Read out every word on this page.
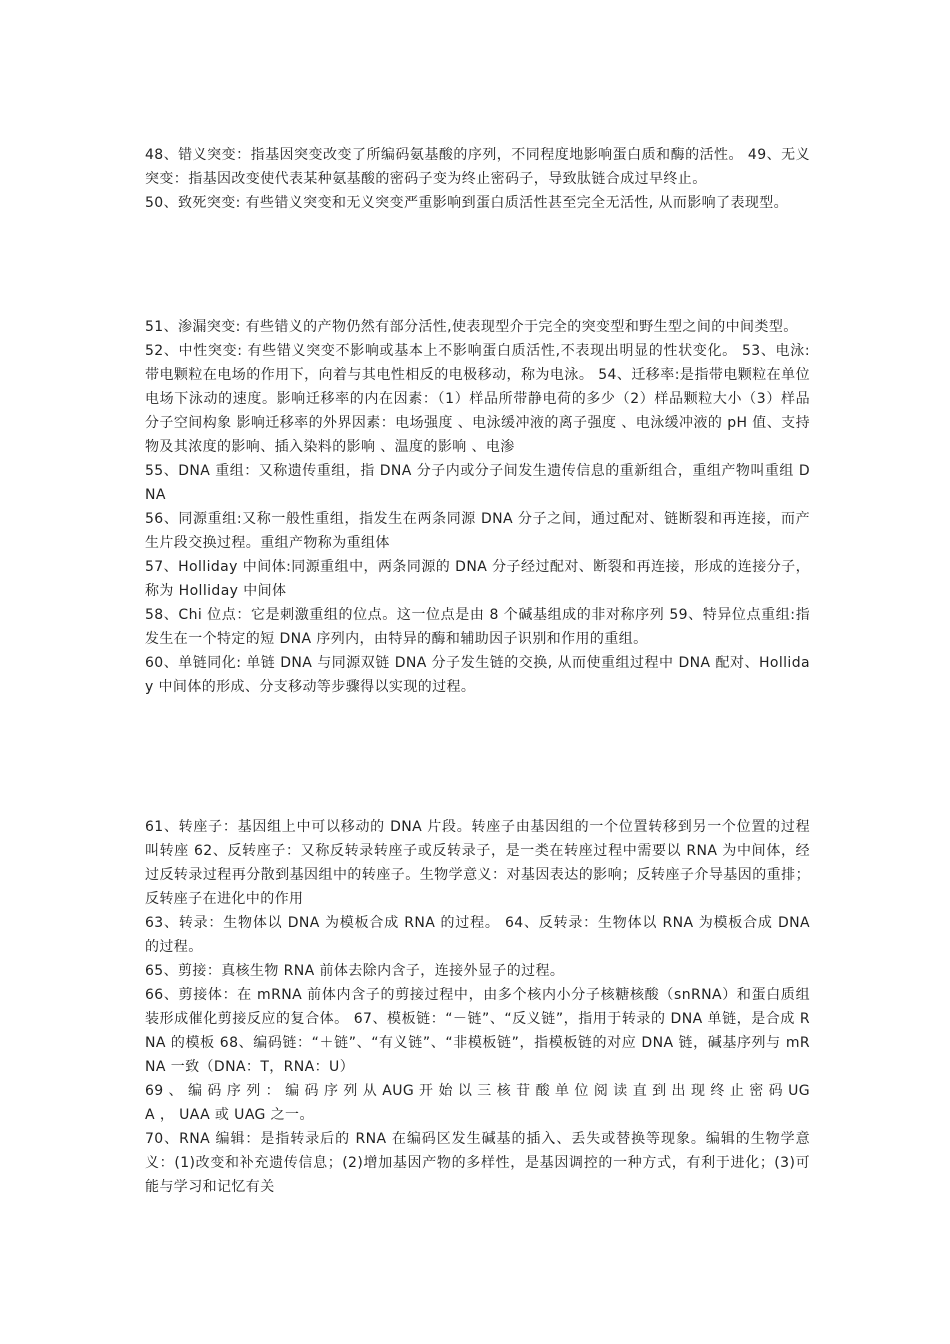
48、错义突变：指基因突变改变了所编码氨基酸的序列，不同程度地影响蛋白质和酶的活性。 49、无义突变：指基因改变使代表某种氨基酸的密码子变为终止密码子，导致肽链合成过早终止。

50、致死突变: 有些错义突变和无义突变严重影响到蛋白质活性甚至完全无活性, 从而影响了表现型。

51、渗漏突变: 有些错义的产物仍然有部分活性,使表现型介于完全的突变型和野生型之间的中间类型。

52、中性突变: 有些错义突变不影响或基本上不影响蛋白质活性,不表现出明显的性状变化。 53、电泳:带电颗粒在电场的作用下，向着与其电性相反的电极移动，称为电泳。 54、迁移率:是指带电颗粒在单位电场下泳动的速度。影响迁移率的内在因素：（1）样品所带静电荷的多少（2）样品颗粒大小（3）样品分子空间构象 影响迁移率的外界因素：电场强度 、电泳缓冲液的离子强度 、电泳缓冲液的 pH 值、支持物及其浓度的影响、插入染料的影响 、温度的影响 、电渗

55、DNA 重组：又称遗传重组，指 DNA 分子内或分子间发生遗传信息的重新组合，重组产物叫重组 DNA

56、同源重组:又称一般性重组，指发生在两条同源 DNA 分子之间，通过配对、链断裂和再连接，而产生片段交换过程。重组产物称为重组体

57、Holliday 中间体:同源重组中，两条同源的 DNA 分子经过配对、断裂和再连接，形成的连接分子，称为 Holliday 中间体

58、Chi 位点：它是刺激重组的位点。这一位点是由 8 个碱基组成的非对称序列 59、特异位点重组:指发生在一个特定的短 DNA 序列内，由特异的酶和辅助因子识别和作用的重组。

60、单链同化: 单链 DNA 与同源双链 DNA 分子发生链的交换, 从而使重组过程中 DNA 配对、Holliday 中间体的形成、分支移动等步骤得以实现的过程。

61、转座子：基因组上中可以移动的 DNA 片段。转座子由基因组的一个位置转移到另一个位置的过程叫转座 62、反转座子：又称反转录转座子或反转录子，是一类在转座过程中需要以 RNA 为中间体，经过反转录过程再分散到基因组中的转座子。生物学意义：对基因表达的影响；反转座子介导基因的重排；反转座子在进化中的作用

63、转录：生物体以 DNA 为模板合成 RNA 的过程。 64、反转录：生物体以 RNA 为模板合成 DNA 的过程。

65、剪接：真核生物 RNA 前体去除内含子，连接外显子的过程。

66、剪接体：在 mRNA 前体内含子的剪接过程中，由多个核内小分子核糖核酸（snRNA）和蛋白质组装形成催化剪接反应的复合体。 67、模板链：“－链”、“反义链”，指用于转录的 DNA 单链，是合成 RNA 的模板 68、编码链：“＋链”、“有义链”、“非模板链”，指模板链的对应 DNA 链，碱基序列与 mRNA 一致（DNA：T，RNA：U）

69 、 编 码 序 列 ： 编 码 序 列 从 AUG 开 始 以 三 核 苷 酸 单 位 阅 读 直 到 出 现 终 止 密 码 UGA ， UAA 或 UAG 之一。

70、RNA 编辑：是指转录后的 RNA 在编码区发生碱基的插入、丢失或替换等现象。编辑的生物学意义：(1)改变和补充遗传信息；(2)增加基因产物的多样性，是基因调控的一种方式，有利于进化；(3)可能与学习和记忆有关
